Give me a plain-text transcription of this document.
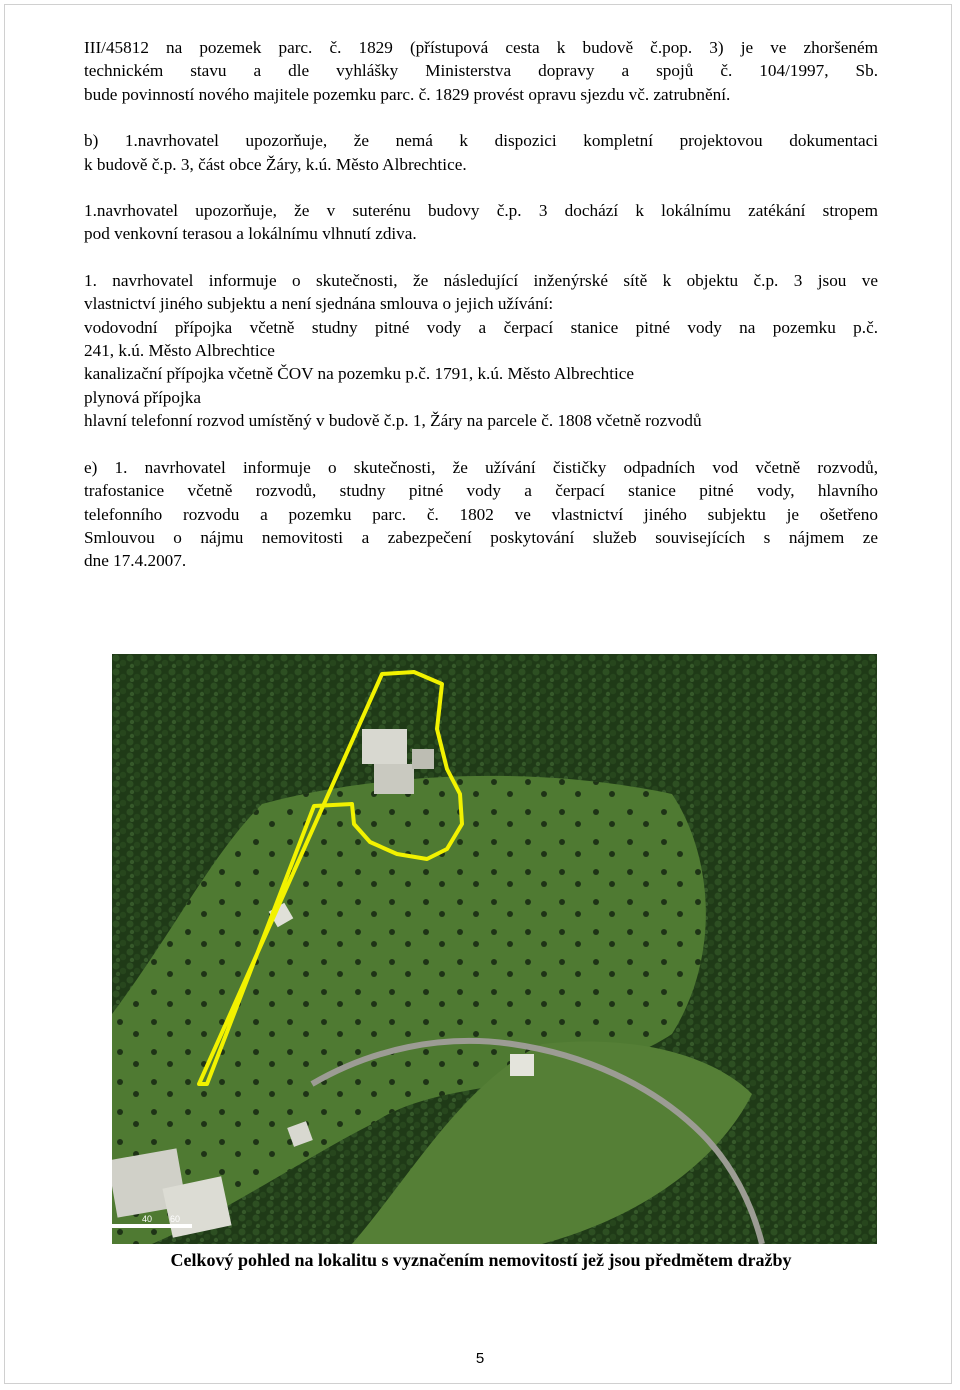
III/45812 na pozemek parc. č. 1829 (přístupová cesta k budově č.pop. 3) je ve zhoršeném
technickém stavu a dle vyhlášky Ministerstva dopravy a spojů č. 104/1997, Sb.
bude povinností nového majitele pozemku parc. č. 1829 provést opravu sjezdu vč. zatrubnění.
b) 1.navrhovatel upozorňuje, že nemá k dispozici kompletní projektovou dokumentaci
k budově č.p. 3, část obce Žáry, k.ú. Město Albrechtice.
1.navrhovatel upozorňuje, že v suterénu budovy č.p. 3 dochází k lokálnímu zatékání stropem
pod venkovní terasou a lokálnímu vlhnutí zdiva.
1. navrhovatel informuje o skutečnosti, že následující inženýrské sítě k objektu č.p. 3 jsou ve
vlastnictví jiného subjektu a není sjednána smlouva o jejich užívání:
vodovodní přípojka včetně studny pitné vody a čerpací stanice pitné vody na pozemku p.č.
241, k.ú. Město Albrechtice
kanalizační přípojka včetně ČOV na pozemku p.č. 1791, k.ú. Město Albrechtice
plynová přípojka
hlavní telefonní rozvod umístěný v budově č.p. 1, Žáry na parcele č. 1808 včetně rozvodů
e) 1. navrhovatel informuje o skutečnosti, že užívání čističky odpadních vod včetně rozvodů,
trafostanice včetně rozvodů, studny pitné vody a čerpací stanice pitné vody, hlavního
telefonního rozvodu a pozemku parc. č. 1802 ve vlastnictví jiného subjektu je ošetřeno
Smlouvou o nájmu nemovitosti a zabezpečení poskytování služeb souvisejících s nájmem ze
dne 17.4.2007.
40 60
Celkový pohled na lokalitu s vyznačením nemovitostí jež jsou předmětem dražby
5
